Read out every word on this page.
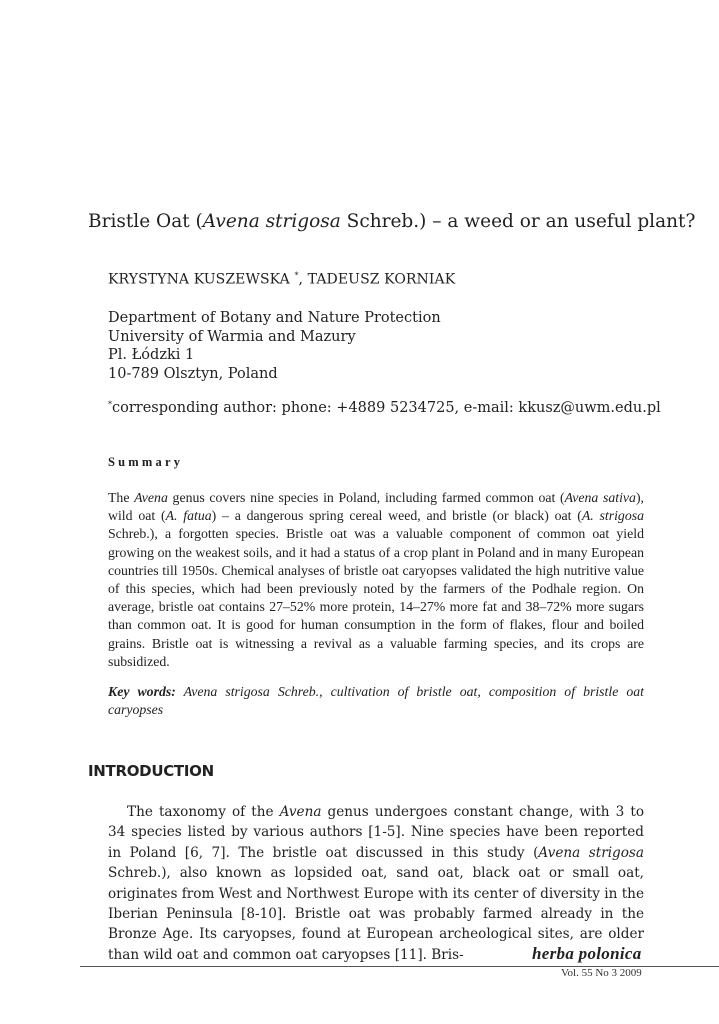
Bristle Oat (Avena strigosa Schreb.) – a weed or an useful plant?
KRYSTYNA KUSZEWSKA *, TADEUSZ KORNIAK
Department of Botany and Nature Protection
University of Warmia and Mazury
Pl. Łódzki 1
10-789 Olsztyn, Poland
*corresponding author: phone: +4889 5234725, e-mail: kkusz@uwm.edu.pl
Summary
The Avena genus covers nine species in Poland, including farmed common oat (Avena sativa), wild oat (A. fatua) – a dangerous spring cereal weed, and bristle (or black) oat (A. strigosa Schreb.), a forgotten species. Bristle oat was a valuable component of common oat yield growing on the weakest soils, and it had a status of a crop plant in Poland and in many European countries till 1950s. Chemical analyses of bristle oat caryopses validated the high nutritive value of this species, which had been previously noted by the farmers of the Podhale region. On average, bristle oat contains 27–52% more protein, 14–27% more fat and 38–72% more sugars than common oat. It is good for human consumption in the form of flakes, flour and boiled grains. Bristle oat is witnessing a revival as a valuable farming species, and its crops are subsidized.
Key words: Avena strigosa Schreb., cultivation of bristle oat, composition of bristle oat caryopses
INTRODUCTION
The taxonomy of the Avena genus undergoes constant change, with 3 to 34 species listed by various authors [1-5]. Nine species have been reported in Poland [6, 7]. The bristle oat discussed in this study (Avena strigosa Schreb.), also known as lopsided oat, sand oat, black oat or small oat, originates from West and Northwest Europe with its center of diversity in the Iberian Peninsula [8-10]. Bristle oat was probably farmed already in the Bronze Age. Its caryopses, found at European archeological sites, are older than wild oat and common oat caryopses [11]. Bris-	herba polonica
Vol. 55 No 3 2009
